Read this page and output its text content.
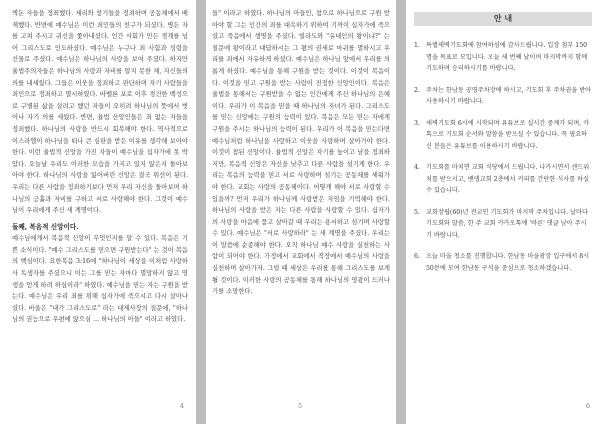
벽돈 자들을 정죄했다. 세리와 창기들을 정죄하며 공동체에서 배제했다. 반면에 예수님은 이런 죄인들의 친구가 되셨다. 병든 자를 고쳐 주시고 귀신을 쫓아내셨다. 인간 사회가 만든 경계를 넘어 그리스도로 인도하셨다. 예수님은 누구나 죄 사함과 성령을 선물로 주셨다. 예수님은 하나님의 사랑을 보여 주셨다. 하지만 율법주의자들은 하나님의 사랑과 자비를 알지 못한 채, 자신들의 의를 내세웠다. 그들은 이웃을 정죄하고 판단하며 자기 사람들을 죄인으로 정죄하고 멸시하였다. 바벨론 포로 이후 경건한 백성으로 구별된 삶을 살려고 했던 자들이 오히려 하나님의 뜻에서 벗어나 자기 의를 세웠다. 반면, 율법 산앙인들은 죄 없는 자들을 정죄했다. 하나님의 사랑을 반드시 회복해야 한다. 역사적으로 이스라엘이 하나님을 떠나 큰 심판을 받은 이유를 생각해 보아야 한다. 이런 율법적 신앙을 가진 자들이 예수님을 십자가에 못 박았다. 오늘날 우리도 이러한 모습을 가지고 있지 않은지 돌아보아야 한다. 하나님의 사랑을 잃어버린 신앙은 결국 위선이 된다. 우리는 다른 사람을 정죄하기보다 먼저 우리 자신을 돌아보며 하나님의 긍휼과 자비를 구하고 서로 사랑해야 한다. 그것이 예수님이 우리에게 주신 새 계명이다.

둘째, 복음적 신앙이다.

예수님에게서 복음적 신앙이 무엇인지를 알 수 있다. 복음은 기쁜 소식이다. "예수 그리스도를 믿으면 구원받는다" 는 것이 복음의 핵심이다. 요한복음 3:16에 "하나님이 세상을 이처럼 사랑하사 독생자를 주셨으니 이는 그를 믿는 자마다 멸망하지 않고 영생을 얻게 하려 하심이라" 하였다. 예수님을 믿는 자는 구원을 받는다. 예수님은 우리 죄를 위해 십자가에 죽으시고 다시 살아나셨다. 바울은 "내가 그리스도로" 라는 대제사장의 질문에, "하나님의 권능으로 우편에 앉으심 … 하나님의 아들" 이라고 하였다.

4

들" 이라고 하였다. 하나님의 아들인, 참으로 하나님으로 구원 받아야 할 그는 인간의 죄를 대속하기 위하여 기꺼이 십자가에 죽으셨고 죽음에서 생명을 주셨다. 빌라도와 "유대인의 왕이냐?" 는 질문에 왕이라고 대답하시는 그 왕의 권세로 마귀를 멸하시고 우리를 죄에서 자유하게 하셨다. 예수님은 하나님 앞에서 우리를 의롭게 하셨다. 예수님을 통해 구원을 받는 것이다. 이것이 복음이다. 이것을 믿고 구원을 받는 사람이 진정한 신앙인이다. 복음은 율법을 통해서는 구원받을 수 없는 인간에게 주신 하나님의 은혜이다. 우리가 이 복음을 믿을 때 하나님의 자녀가 된다. 그리스도를 믿는 신앙에는 구원의 능력이 있다. 복음은 모든 믿는 자에게 구원을 주시는 하나님의 능력이 된다. 우리가 이 복음을 믿는다면 예수님처럼 하나님을 사랑하고 이웃을 사랑하며 살아가야 한다. 이것이 참된 신앙이다. 율법적 신앙은 자기를 높이고 남을 정죄하지만, 복음적 신앙은 자신을 낮추고 다른 사람을 섬기게 한다. 우리는 복음의 능력을 믿고 서로 사랑하며 섬기는 공동체를 세워가야 한다. 교회는 사랑의 공동체이다. 어떻게 해야 서로 사랑할 수 있을까? 먼저 우리가 하나님께 사랑받은 자임을 기억해야 한다. 하나님의 사랑을 받은 자는 다른 사람을 사랑할 수 있다. 십자가의 사랑을 마음에 품고 살아갈 때 우리는 용서하고 섬기며 사랑할 수 있다. 예수님은 "서로 사랑하라" 는 새 계명을 주셨다. 우리는 이 말씀에 순종해야 한다. 오직 하나님 예수 사랑을 실천하는 사람이 되어야 한다. 가정에서 교회에서 직장에서 예수님의 사랑을 실천하며 살아가자. 그럴 때 세상은 우리를 통해 그리스도를 보게 될 것이다. 이러한 사랑의 공동체를 통해 하나님의 영광이 드러나기를 소망한다.

5
안 내
1. 특별새벽기도회에 참여하심에 감사드립니다. 입장 첨부 150명을 목표로 모입니다. 오늘 세 번째 날이며 마지막까지 함께 기도하며 승리하시기를 바랍니다.
2. 주차는 한남동 공영주차장에 하시고, 기도회 후 주차권을 받아 사용하시기 바랍니다.
3. 새벽기도회 6시에 시작되며 유튜브로 실시간 중계가 되며, 카톡으로 기도회 순서와 말씀을 받으실 수 있습니다. 꼭 필요하신 분들은 유튜브를 이용하시기 바랍니다.
4. 기도회를 마치면 교회 식당에서 드립니다. 나가시면서 샌드위치를 받으시고, 밴댕교회 2층에서 커피를 간단한 식사를 하실 수 있습니다.
5. 교회장립(60)년 전교인 기도회가 마지막 주차입니다. 날마다 기도회와 말씀, 한 주 교회 카카오톡에 '바른' 댓글 남아 주시기 바랍니다.
6. 오늘 마을 청소를 진행합니다. 한남동 마을광장 입구에서 8시 50분에 모여 한남동 구석을 중심으로 청소하겠습니다.
6
